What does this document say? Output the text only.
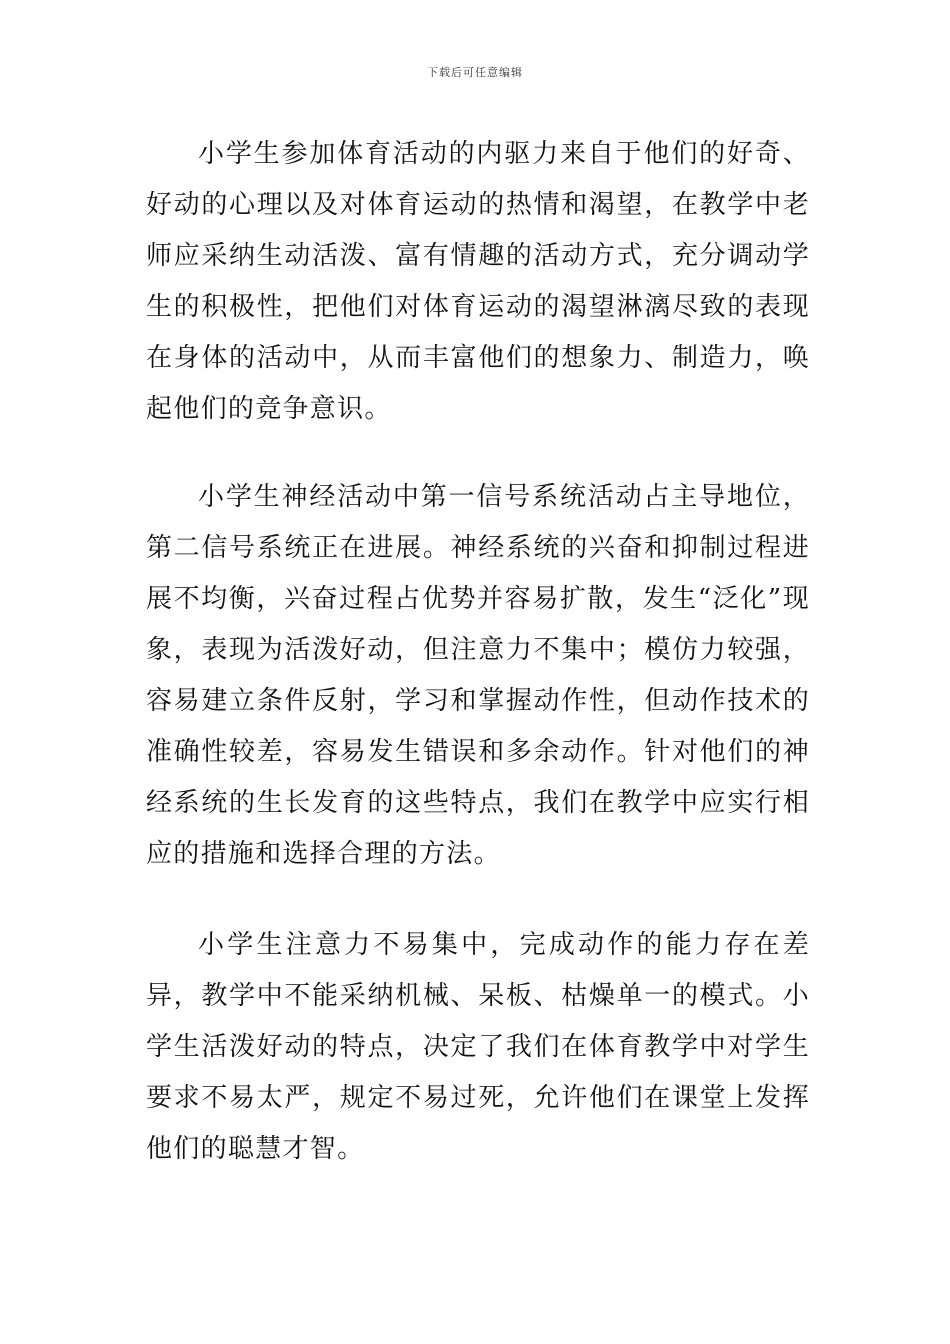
下载后可任意编辑

小学生参加体育活动的内驱力来自于他们的好奇、好动的心理以及对体育运动的热情和渴望，在教学中老师应采纳生动活泼、富有情趣的活动方式，充分调动学生的积极性，把他们对体育运动的渴望淋漓尽致的表现在身体的活动中，从而丰富他们的想象力、制造力，唤起他们的竞争意识。

小学生神经活动中第一信号系统活动占主导地位，第二信号系统正在进展。神经系统的兴奋和抑制过程进展不均衡，兴奋过程占优势并容易扩散，发生“泛化”现象，表现为活泼好动，但注意力不集中；模仿力较强，容易建立条件反射，学习和掌握动作性，但动作技术的准确性较差，容易发生错误和多余动作。针对他们的神经系统的生长发育的这些特点，我们在教学中应实行相应的措施和选择合理的方法。

小学生注意力不易集中，完成动作的能力存在差异，教学中不能采纳机械、呆板、枯燥单一的模式。小学生活泼好动的特点，决定了我们在体育教学中对学生要求不易太严，规定不易过死，允许他们在课堂上发挥他们的聪慧才智。
